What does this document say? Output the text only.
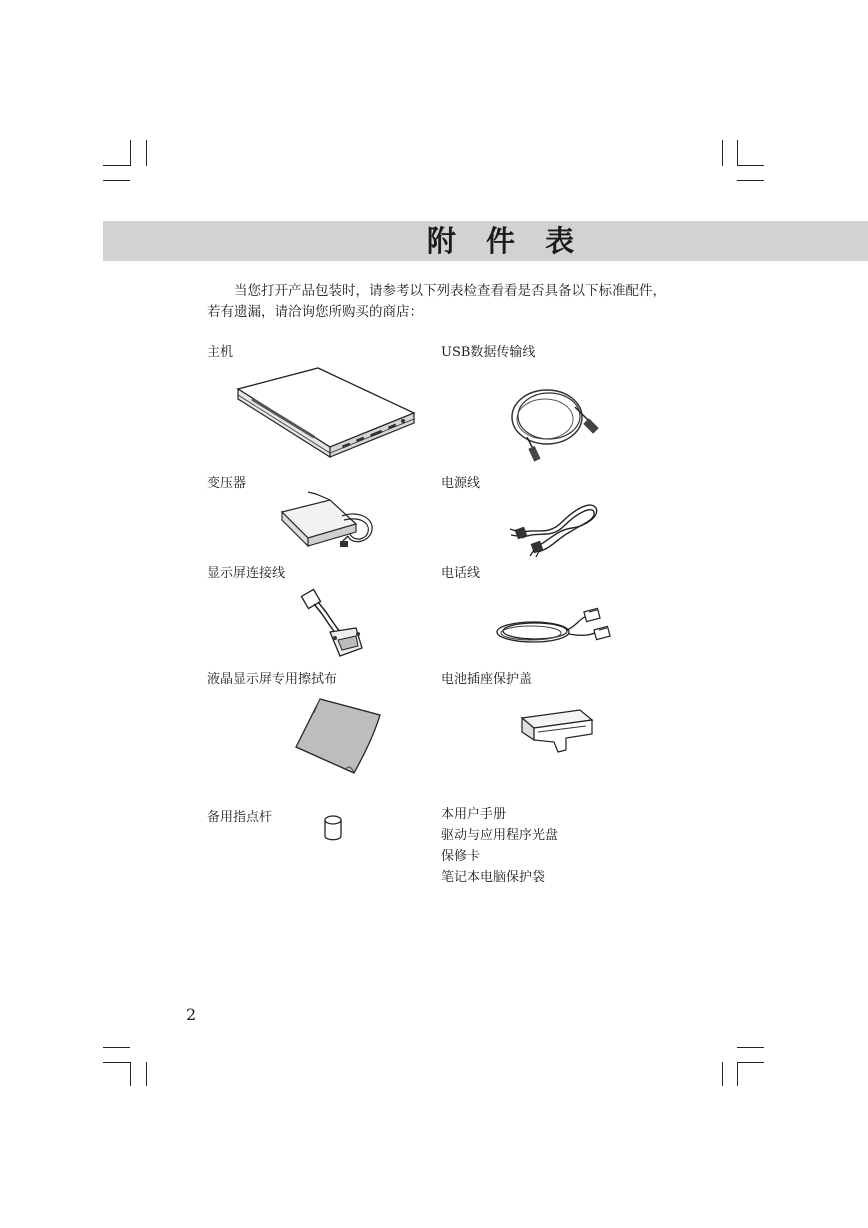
附 件 表
当您打开产品包装时，请参考以下列表检查看看是否具备以下标准配件，若有遗漏，请洽询您所购买的商店：
主机	USB数据传输线
变压器	电源线
显示屏连接线	电话线
液晶显示屏专用擦拭布	电池插座保护盖
备用指点杆	本用户手册
驱动与应用程序光盘
保修卡
笔记本电脑保护袋
2
